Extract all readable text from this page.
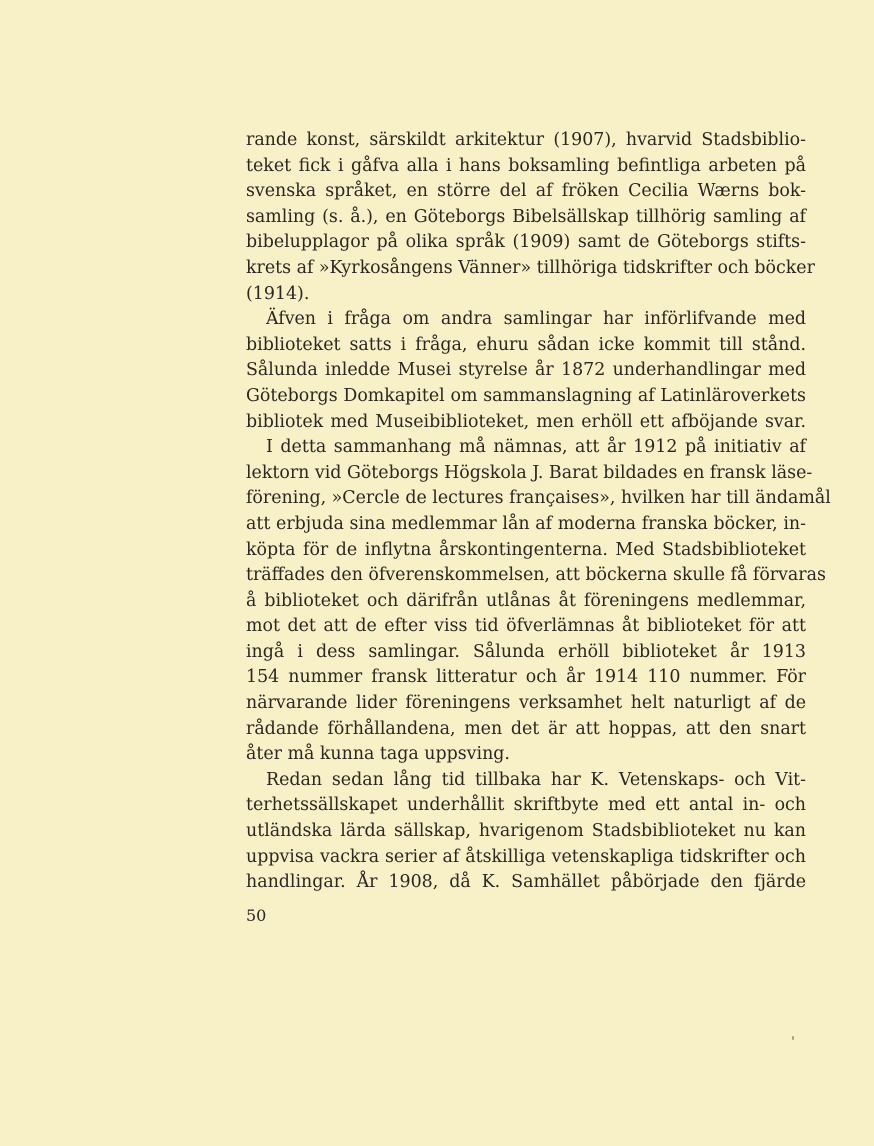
rande konst, särskildt arkitektur (1907), hvarvid Stadsbiblio-
teket fick i gåfva alla i hans boksamling befintliga arbeten på
svenska språket, en större del af fröken Cecilia Wærns bok-
samling (s. å.), en Göteborgs Bibelsällskap tillhörig samling af
bibelupplagor på olika språk (1909) samt de Göteborgs stifts-
krets af »Kyrkosångens Vänner» tillhöriga tidskrifter och böcker
(1914).
Äfven i fråga om andra samlingar har införlifvande med
biblioteket satts i fråga, ehuru sådan icke kommit till stånd.
Sålunda inledde Musei styrelse år 1872 underhandlingar med
Göteborgs Domkapitel om sammanslagning af Latinläroverkets
bibliotek med Museibiblioteket, men erhöll ett afböjande svar.
I detta sammanhang må nämnas, att år 1912 på initiativ af
lektorn vid Göteborgs Högskola J. Barat bildades en fransk läse-
förening, »Cercle de lectures françaises», hvilken har till ändamål
att erbjuda sina medlemmar lån af moderna franska böcker, in-
köpta för de inflytna årskontingenterna. Med Stadsbiblioteket
träffades den öfverenskommelsen, att böckerna skulle få förvaras
å biblioteket och därifrån utlånas åt föreningens medlemmar,
mot det att de efter viss tid öfverlämnas åt biblioteket för att
ingå i dess samlingar. Sålunda erhöll biblioteket år 1913
154 nummer fransk litteratur och år 1914 110 nummer. För
närvarande lider föreningens verksamhet helt naturligt af de
rådande förhållandena, men det är att hoppas, att den snart
åter må kunna taga uppsving.
Redan sedan lång tid tillbaka har K. Vetenskaps- och Vit-
terhetssällskapet underhållit skriftbyte med ett antal in- och
utländska lärda sällskap, hvarigenom Stadsbiblioteket nu kan
uppvisa vackra serier af åtskilliga vetenskapliga tidskrifter och
handlingar. År 1908, då K. Samhället påbörjade den fjärde
50
